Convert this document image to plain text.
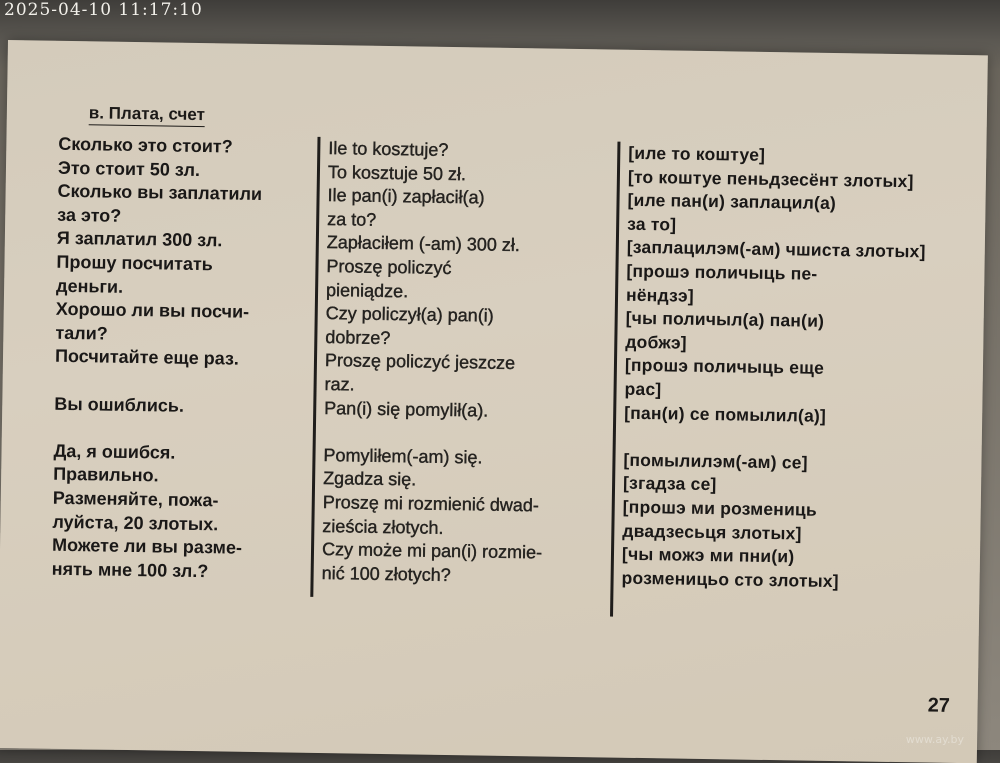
2025-04-10 11:17:10
в. Плата, счет
Сколько это стоит?
Это стоит 50 зл.
Сколько вы заплатили
за это?
Я заплатил 300 зл.
Прошу посчитать
деньги.
Хорошо ли вы посчи-
тали?
Посчитайте еще раз.
Вы ошиблись.
Да, я ошибся.
Правильно.
Разменяйте, пожа-
луйста, 20 злотых.
Можете ли вы разме-
нять мне 100 зл.?
Ile to kosztuje?
To kosztuje 50 zł.
Ile pan(i) zapłacił(a)
za to?
Zapłaciłem (-am) 300 zł.
Proszę policzyć
pieniądze.
Czy policzył(a) pan(i)
dobrze?
Proszę policzyć jeszcze
raz.
Pan(i) się pomylił(a).
Pomyliłem(-am) się.
Zgadza się.
Proszę mi rozmienić dwad-
zieścia złotych.
Czy może mi pan(i) rozmie-
nić 100 złotych?
[иле то коштуе]
[то коштуе пеньдзесёнт злотых]
[иле пан(и) заплацил(а)
за то]
[заплацилэм(-ам) чшиста злотых]
[прошэ поличыць пе-
нёндзэ]
[чы поличыл(а) пан(и)
добжэ]
[прошэ поличыць еще
рас]
[пан(и) се помылил(а)]
[помылилэм(-ам) се]
[згадза се]
[прошэ ми розмениць
двадзесьця злотых]
[чы можэ ми пни(и)
розменицьо сто злотых]
27
www.ay.by
